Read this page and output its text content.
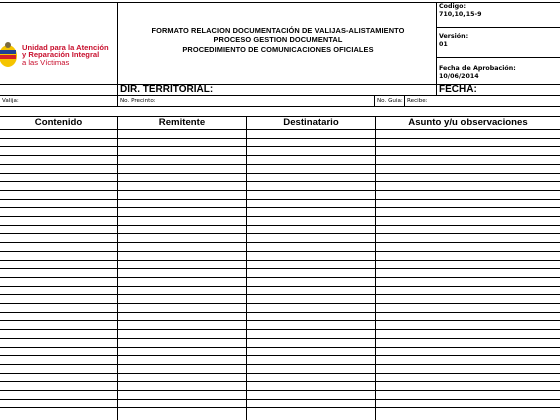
Unidad para la Atención
y Reparación Integral
a las Víctimas
FORMATO RELACION DOCUMENTACIÓN DE VALIJAS-ALISTAMIENTO
PROCESO GESTION DOCUMENTAL
PROCEDIMIENTO DE COMUNICACIONES OFICIALES
Codigo:
710,10,15-9
Versión:
01
Fecha de Aprobación:
10/06/2014
DIR. TERRITORIAL:	FECHA:
Valija:	No. Precinto:	No. Guia: Recibe:
Contenido	Remitente	Destinatario	Asunto y/u observaciones
